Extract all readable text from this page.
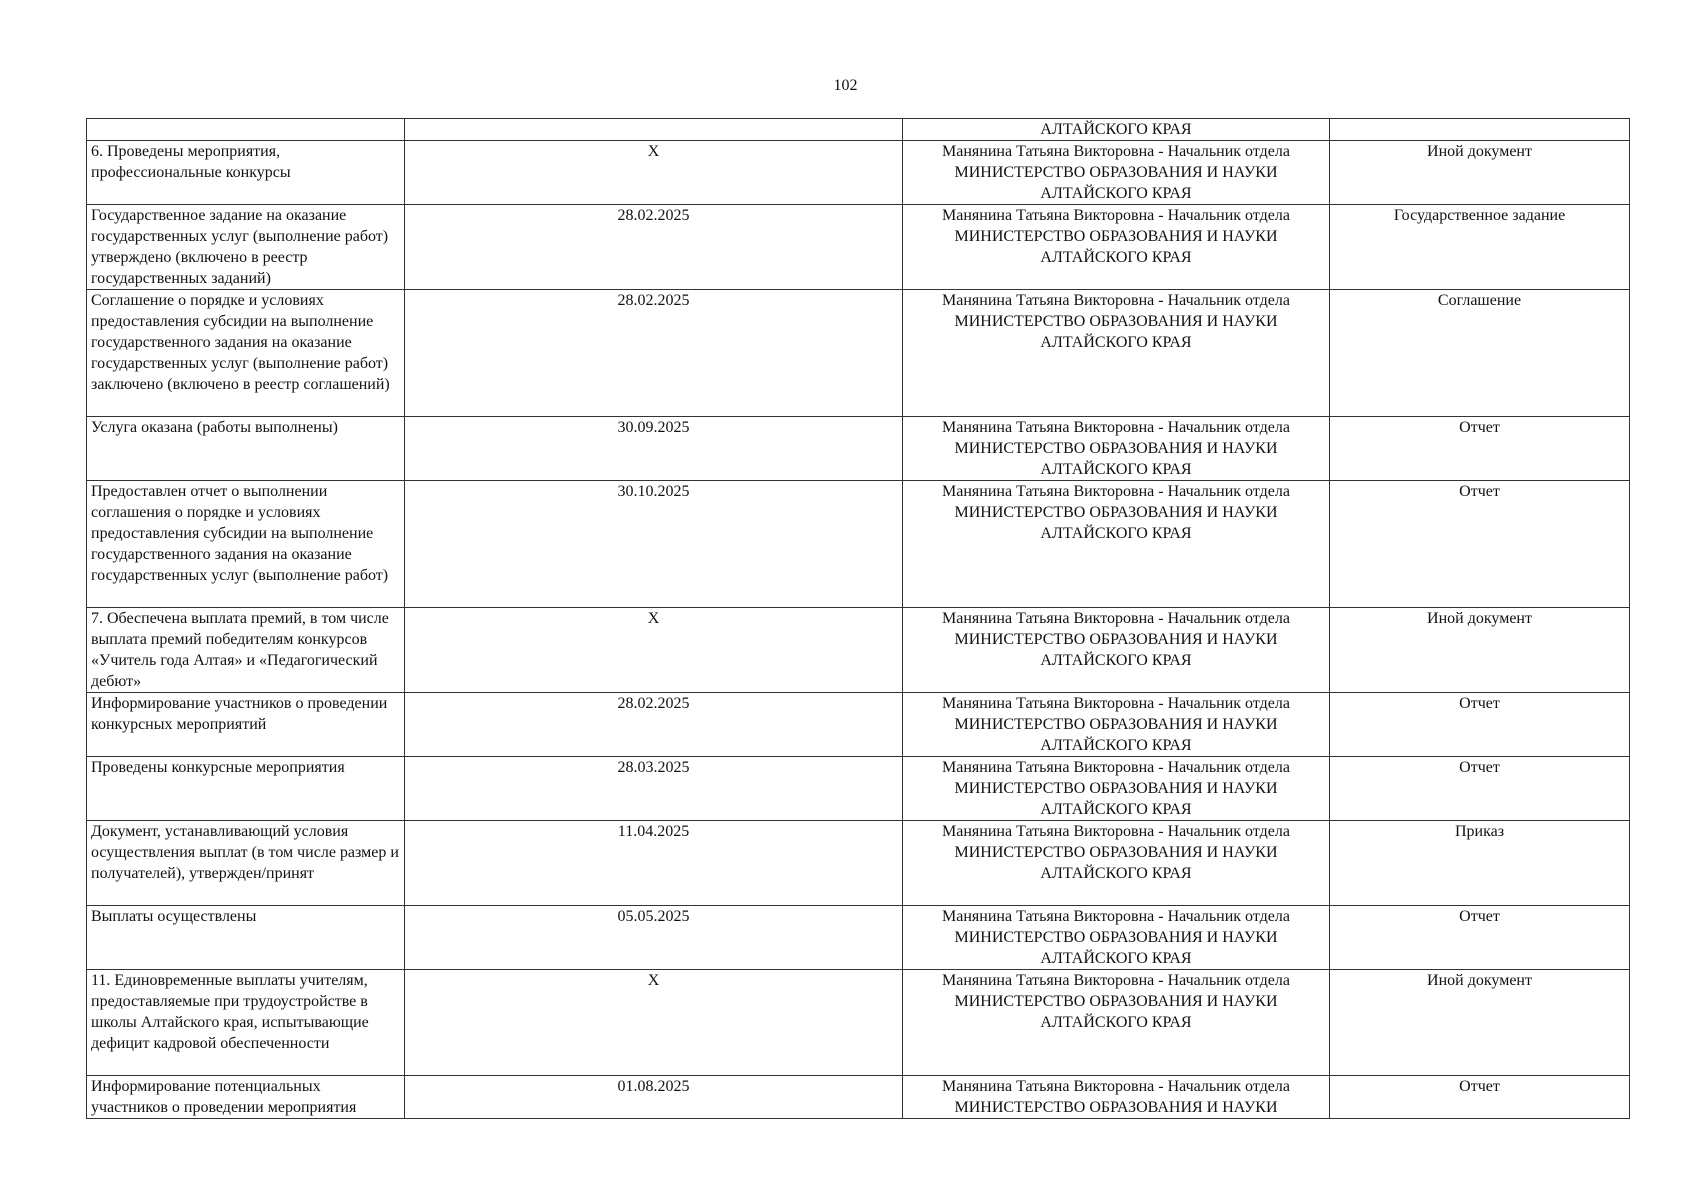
102
		АЛТАЙСКОГО КРАЯ	
6. Проведены мероприятия, профессиональные конкурсы	X	Манянина Татьяна Викторовна - Начальник отдела МИНИСТЕРСТВО ОБРАЗОВАНИЯ И НАУКИ АЛТАЙСКОГО КРАЯ	Иной документ
Государственное задание на оказание государственных услуг (выполнение работ) утверждено (включено в реестр государственных заданий)	28.02.2025	Манянина Татьяна Викторовна - Начальник отдела МИНИСТЕРСТВО ОБРАЗОВАНИЯ И НАУКИ АЛТАЙСКОГО КРАЯ	Государственное задание
Соглашение о порядке и условиях предоставления субсидии на выполнение государственного задания на оказание государственных услуг (выполнение работ) заключено (включено в реестр соглашений)	28.02.2025	Манянина Татьяна Викторовна - Начальник отдела МИНИСТЕРСТВО ОБРАЗОВАНИЯ И НАУКИ АЛТАЙСКОГО КРАЯ	Соглашение
Услуга оказана (работы выполнены)	30.09.2025	Манянина Татьяна Викторовна - Начальник отдела МИНИСТЕРСТВО ОБРАЗОВАНИЯ И НАУКИ АЛТАЙСКОГО КРАЯ	Отчет
Предоставлен отчет о выполнении соглашения о порядке и условиях предоставления субсидии на выполнение государственного задания на оказание государственных услуг (выполнение работ)	30.10.2025	Манянина Татьяна Викторовна - Начальник отдела МИНИСТЕРСТВО ОБРАЗОВАНИЯ И НАУКИ АЛТАЙСКОГО КРАЯ	Отчет
7. Обеспечена выплата премий, в том числе выплата премий победителям конкурсов «Учитель года Алтая» и «Педагогический дебют»	X	Манянина Татьяна Викторовна - Начальник отдела МИНИСТЕРСТВО ОБРАЗОВАНИЯ И НАУКИ АЛТАЙСКОГО КРАЯ	Иной документ
Информирование участников о проведении конкурсных мероприятий	28.02.2025	Манянина Татьяна Викторовна - Начальник отдела МИНИСТЕРСТВО ОБРАЗОВАНИЯ И НАУКИ АЛТАЙСКОГО КРАЯ	Отчет
Проведены конкурсные мероприятия	28.03.2025	Манянина Татьяна Викторовна - Начальник отдела МИНИСТЕРСТВО ОБРАЗОВАНИЯ И НАУКИ АЛТАЙСКОГО КРАЯ	Отчет
Документ, устанавливающий условия осуществления выплат (в том числе размер и получателей), утвержден/принят	11.04.2025	Манянина Татьяна Викторовна - Начальник отдела МИНИСТЕРСТВО ОБРАЗОВАНИЯ И НАУКИ АЛТАЙСКОГО КРАЯ	Приказ
Выплаты осуществлены	05.05.2025	Манянина Татьяна Викторовна - Начальник отдела МИНИСТЕРСТВО ОБРАЗОВАНИЯ И НАУКИ АЛТАЙСКОГО КРАЯ	Отчет
11. Единовременные выплаты учителям, предоставляемые при трудоустройстве в школы Алтайского края, испытывающие дефицит кадровой обеспеченности	X	Манянина Татьяна Викторовна - Начальник отдела МИНИСТЕРСТВО ОБРАЗОВАНИЯ И НАУКИ АЛТАЙСКОГО КРАЯ	Иной документ
Информирование потенциальных участников о проведении мероприятия	01.08.2025	Манянина Татьяна Викторовна - Начальник отдела МИНИСТЕРСТВО ОБРАЗОВАНИЯ И НАУКИ	Отчет
